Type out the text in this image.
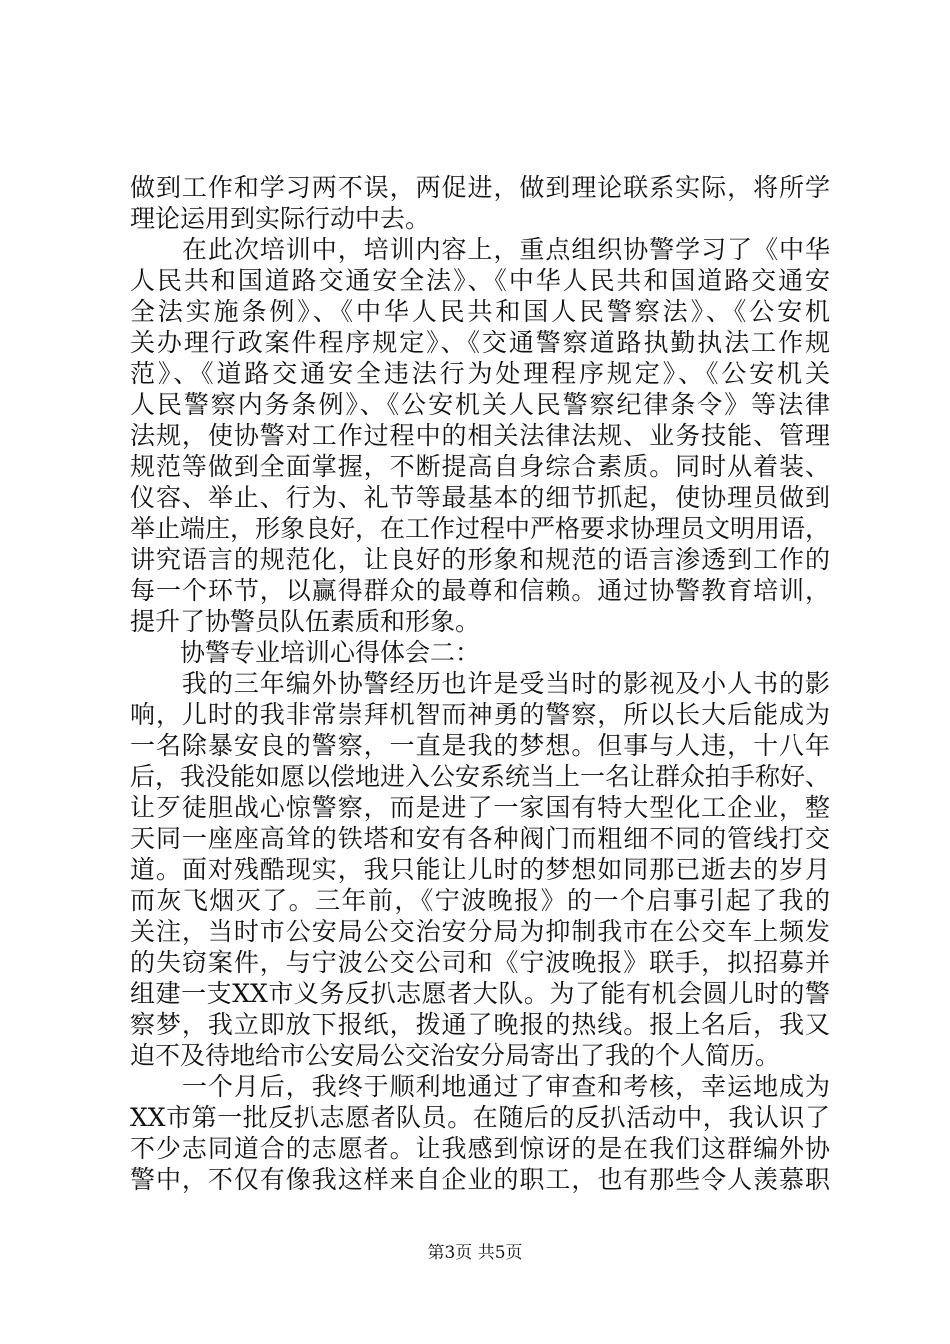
做到工作和学习两不误，两促进，做到理论联系实际，将所学
理论运用到实际行动中去。
　　在此次培训中，培训内容上，重点组织协警学习了《中华
人民共和国道路交通安全法》、《中华人民共和国道路交通安
全法实施条例》、《中华人民共和国人民警察法》、《公安机
关办理行政案件程序规定》、《交通警察道路执勤执法工作规
范》、《道路交通安全违法行为处理程序规定》、《公安机关
人民警察内务条例》、《公安机关人民警察纪律条令》等法律
法规，使协警对工作过程中的相关法律法规、业务技能、管理
规范等做到全面掌握，不断提高自身综合素质。同时从着装、
仪容、举止、行为、礼节等最基本的细节抓起，使协理员做到
举止端庄，形象良好，在工作过程中严格要求协理员文明用语，
讲究语言的规范化，让良好的形象和规范的语言渗透到工作的
每一个环节，以赢得群众的最尊和信赖。通过协警教育培训，
提升了协警员队伍素质和形象。
　　协警专业培训心得体会二：
　　我的三年编外协警经历也许是受当时的影视及小人书的影
响，儿时的我非常崇拜机智而神勇的警察，所以长大后能成为
一名除暴安良的警察，一直是我的梦想。但事与人违，十八年
后，我没能如愿以偿地进入公安系统当上一名让群众拍手称好、
让歹徒胆战心惊警察，而是进了一家国有特大型化工企业，整
天同一座座高耸的铁塔和安有各种阀门而粗细不同的管线打交
道。面对残酷现实，我只能让儿时的梦想如同那已逝去的岁月
而灰飞烟灭了。三年前，《宁波晚报》的一个启事引起了我的
关注，当时市公安局公交治安分局为抑制我市在公交车上频发
的失窃案件，与宁波公交公司和《宁波晚报》联手，拟招募并
组建一支XX市义务反扒志愿者大队。为了能有机会圆儿时的警
察梦，我立即放下报纸，拨通了晚报的热线。报上名后，我又
迫不及待地给市公安局公交治安分局寄出了我的个人简历。
　　一个月后，我终于顺利地通过了审查和考核，幸运地成为
XX市第一批反扒志愿者队员。在随后的反扒活动中，我认识了
不少志同道合的志愿者。让我感到惊讶的是在我们这群编外协
警中，不仅有像我这样来自企业的职工，也有那些令人羡慕职
第3页 共5页
